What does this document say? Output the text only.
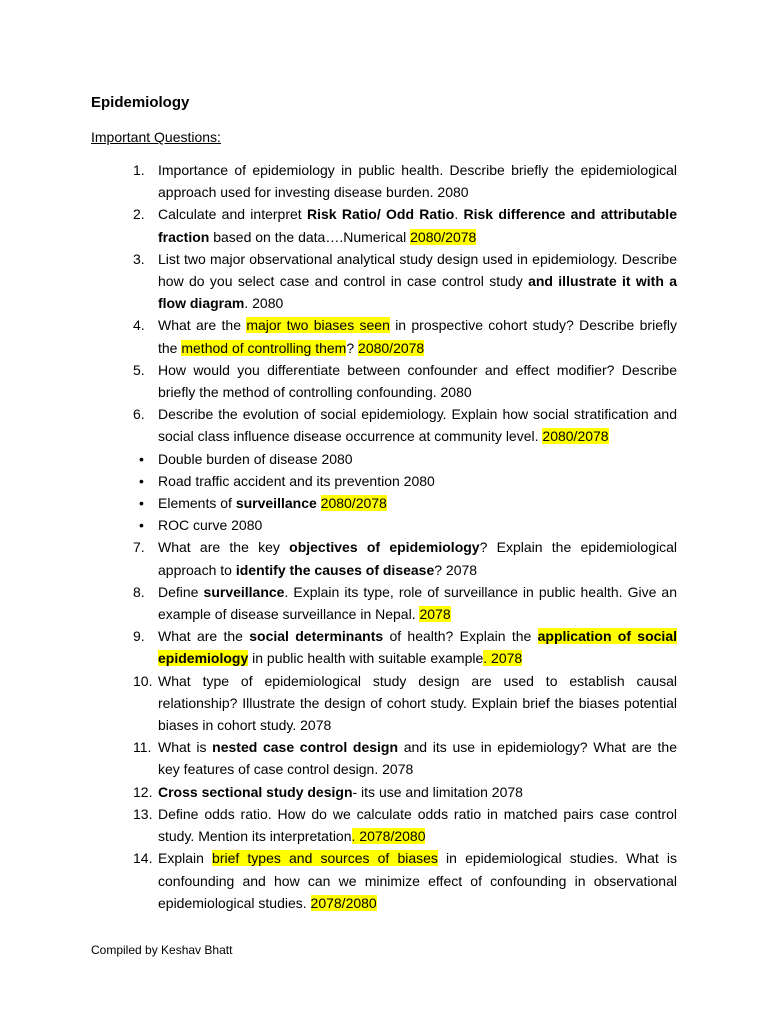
Epidemiology
Important Questions:
1. Importance of epidemiology in public health. Describe briefly the epidemiological approach used for investing disease burden. 2080
2. Calculate and interpret Risk Ratio/ Odd Ratio. Risk difference and attributable fraction based on the data….Numerical 2080/2078
3. List two major observational analytical study design used in epidemiology. Describe how do you select case and control in case control study and illustrate it with a flow diagram. 2080
4. What are the major two biases seen in prospective cohort study? Describe briefly the method of controlling them? 2080/2078
5. How would you differentiate between confounder and effect modifier? Describe briefly the method of controlling confounding. 2080
6. Describe the evolution of social epidemiology. Explain how social stratification and social class influence disease occurrence at community level. 2080/2078
•	Double burden of disease 2080
•	Road traffic accident and its prevention 2080
•	Elements of surveillance 2080/2078
•	ROC curve 2080
7. What are the key objectives of epidemiology? Explain the epidemiological approach to identify the causes of disease? 2078
8. Define surveillance. Explain its type, role of surveillance in public health. Give an example of disease surveillance in Nepal. 2078
9. What are the social determinants of health? Explain the application of social epidemiology in public health with suitable example. 2078
10. What type of epidemiological study design are used to establish causal relationship? Illustrate the design of cohort study. Explain brief the biases potential biases in cohort study. 2078
11. What is nested case control design and its use in epidemiology? What are the key features of case control design. 2078
12. Cross sectional study design- its use and limitation 2078
13. Define odds ratio. How do we calculate odds ratio in matched pairs case control study. Mention its interpretation. 2078/2080
14. Explain brief types and sources of biases in epidemiological studies. What is confounding and how can we minimize effect of confounding in observational epidemiological studies. 2078/2080
Compiled by Keshav Bhatt
